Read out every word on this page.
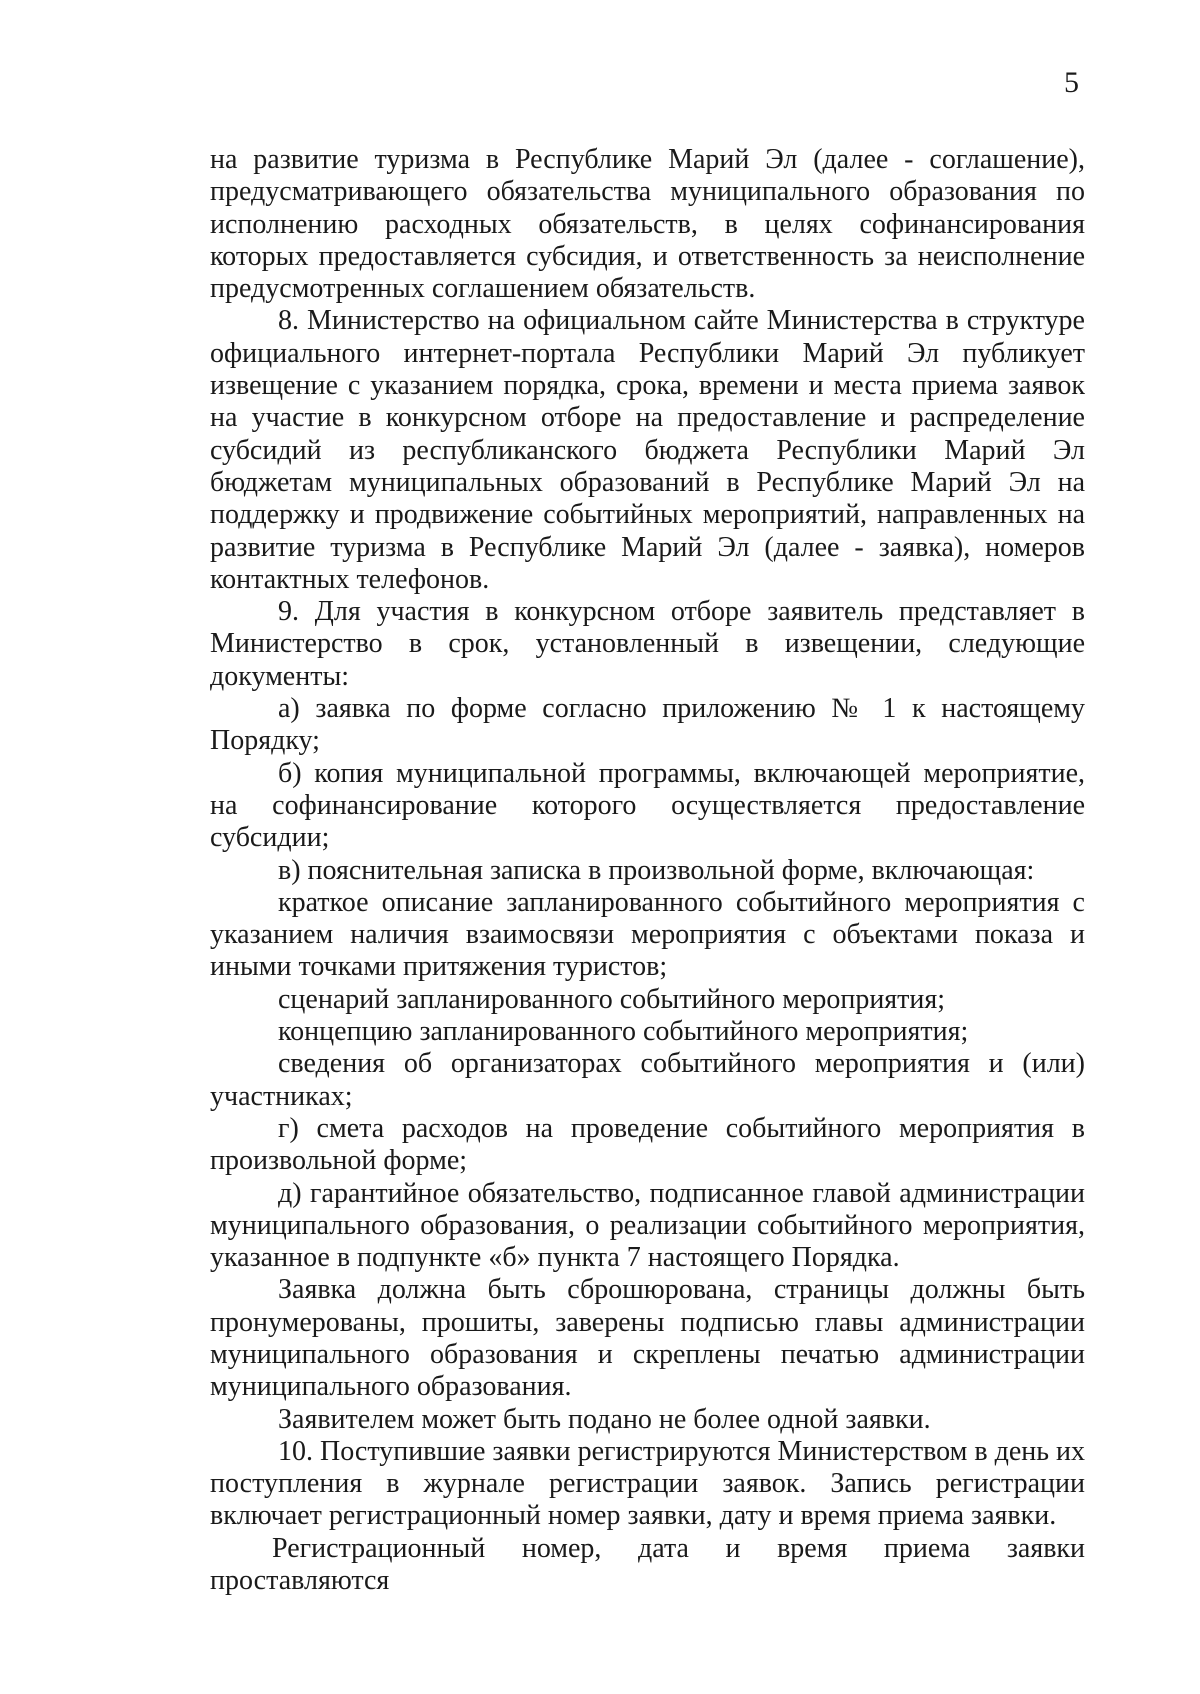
5

на развитие туризма в Республике Марий Эл (далее - соглашение), предусматривающего обязательства муниципального образования по исполнению расходных обязательств, в целях софинансирования которых предоставляется субсидия, и ответственность за неисполнение предусмотренных соглашением обязательств.

8. Министерство на официальном сайте Министерства в структуре официального интернет-портала Республики Марий Эл публикует извещение с указанием порядка, срока, времени и места приема заявок на участие в конкурсном отборе на предоставление и распределение субсидий из республиканского бюджета Республики Марий Эл бюджетам муниципальных образований в Республике Марий Эл на поддержку и продвижение событийных мероприятий, направленных на развитие туризма в Республике Марий Эл (далее - заявка), номеров контактных телефонов.

9. Для участия в конкурсном отборе заявитель представляет в Министерство в срок, установленный в извещении, следующие документы:

а) заявка по форме согласно приложению № 1 к настоящему Порядку;

б) копия муниципальной программы, включающей мероприятие, на софинансирование которого осуществляется предоставление субсидии;

в) пояснительная записка в произвольной форме, включающая:

краткое описание запланированного событийного мероприятия с указанием наличия взаимосвязи мероприятия с объектами показа и иными точками притяжения туристов;

сценарий запланированного событийного мероприятия;

концепцию запланированного событийного мероприятия;

сведения об организаторах событийного мероприятия и (или) участниках;

г) смета расходов на проведение событийного мероприятия в произвольной форме;

д) гарантийное обязательство, подписанное главой администрации муниципального образования, о реализации событийного мероприятия, указанное в подпункте «б» пункта 7 настоящего Порядка.

Заявка должна быть сброшюрована, страницы должны быть пронумерованы, прошиты, заверены подписью главы администрации муниципального образования и скреплены печатью администрации муниципального образования.

Заявителем может быть подано не более одной заявки.

10. Поступившие заявки регистрируются Министерством в день их поступления в журнале регистрации заявок. Запись регистрации включает регистрационный номер заявки, дату и время приема заявки.

Регистрационный номер, дата и время приема заявки проставляются
